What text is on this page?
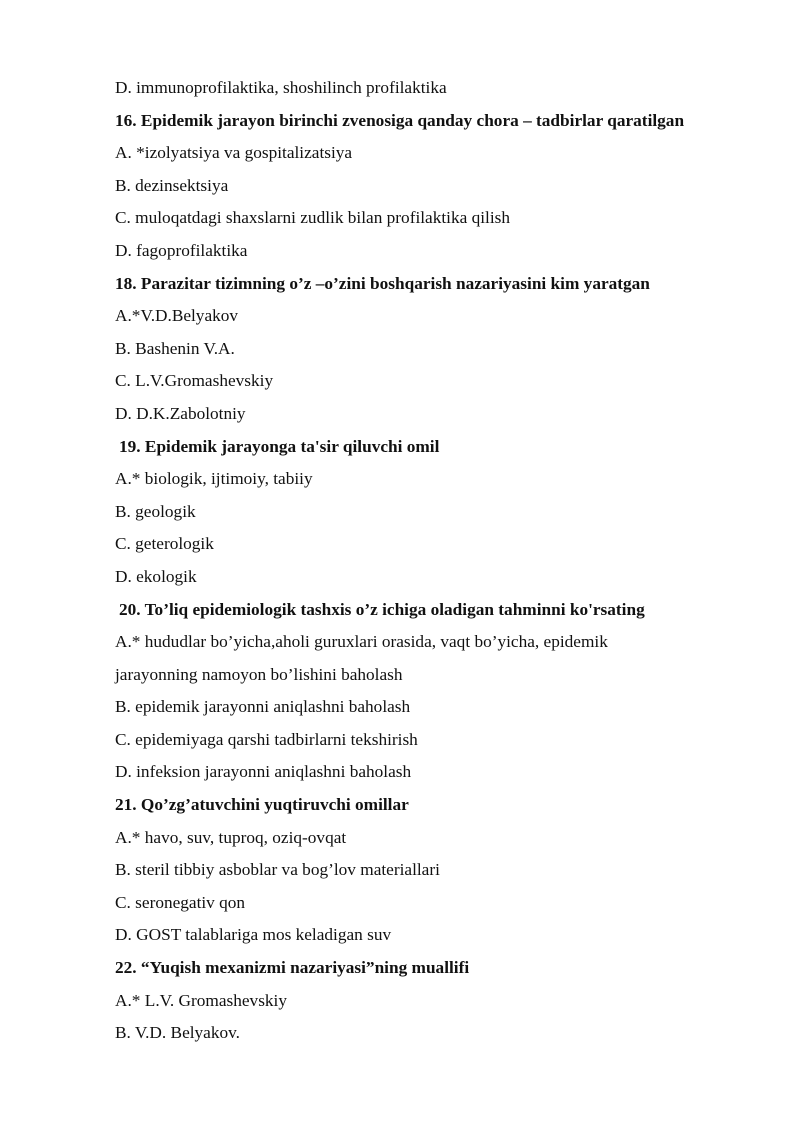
D. immunoprofilaktika, shoshilinch profilaktika
16. Epidemik jarayon birinchi zvenosiga qanday chora – tadbirlar qaratilgan
A. *izolyatsiya va gospitalizatsiya
B. dezinsektsiya
C. muloqatdagi shaxslarni zudlik bilan profilaktika qilish
D. fagoprofilaktika
18. Parazitar tizimning o’z –o’zini boshqarish nazariyasini kim yaratgan
A.*V.D.Belyakov
B. Bashenin V.A.
C. L.V.Gromashevskiy
D. D.K.Zabolotniy
19. Epidemik jarayonga ta'sir qiluvchi omil
A.* biologik, ijtimoiy, tabiiy
B. geologik
C. geterologik
D. ekologik
20. To’liq epidemiologik tashxis o’z ichiga oladigan tahminni ko'rsating
A.* hududlar bo’yicha,aholi guruxlari orasida, vaqt bo’yicha, epidemik
jarayonning namoyon bo’lishini baholash
B. epidemik jarayonni aniqlashni baholash
C. epidemiyaga qarshi tadbirlarni tekshirish
D. infeksion jarayonni aniqlashni baholash
21. Qo’zg’atuvchini yuqtiruvchi omillar
A.* havo, suv, tuproq, oziq-ovqat
B. steril tibbiy asboblar va bog’lov materiallari
C. seronegativ qon
D. GOST talablariga mos keladigan suv
22. “Yuqish mexanizmi nazariyasi”ning muallifi
A.* L.V. Gromashevskiy
B. V.D. Belyakov.
